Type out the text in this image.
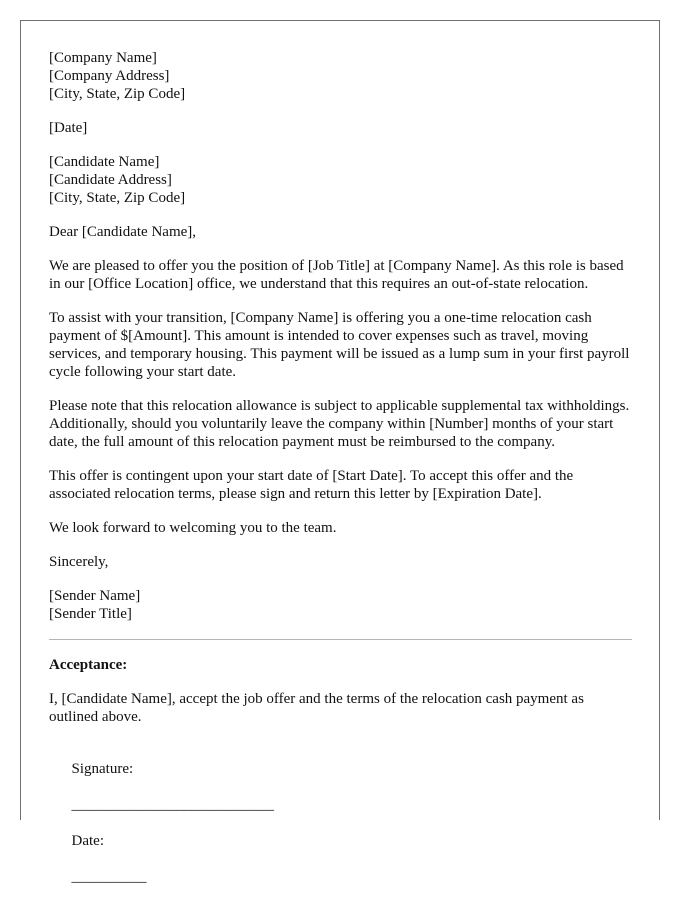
[Company Name]
[Company Address]
[City, State, Zip Code]
[Date]
[Candidate Name]
[Candidate Address]
[City, State, Zip Code]

Dear [Candidate Name],

We are pleased to offer you the position of [Job Title] at [Company Name]. As this role is based in our [Office Location] office, we understand that this requires an out-of-state relocation.

To assist with your transition, [Company Name] is offering you a one-time relocation cash payment of $[Amount]. This amount is intended to cover expenses such as travel, moving services, and temporary housing. This payment will be issued as a lump sum in your first payroll cycle following your start date.

Please note that this relocation allowance is subject to applicable supplemental tax withholdings. Additionally, should you voluntarily leave the company within [Number] months of your start date, the full amount of this relocation payment must be reimbursed to the company.

This offer is contingent upon your start date of [Start Date]. To accept this offer and the associated relocation terms, please sign and return this letter by [Expiration Date].

We look forward to welcoming you to the team.

Sincerely,

[Sender Name]
[Sender Title]

Acceptance:

I, [Candidate Name], accept the job offer and the terms of the relocation cash payment as outlined above.

Signature:

___________________________

Date:

__________
